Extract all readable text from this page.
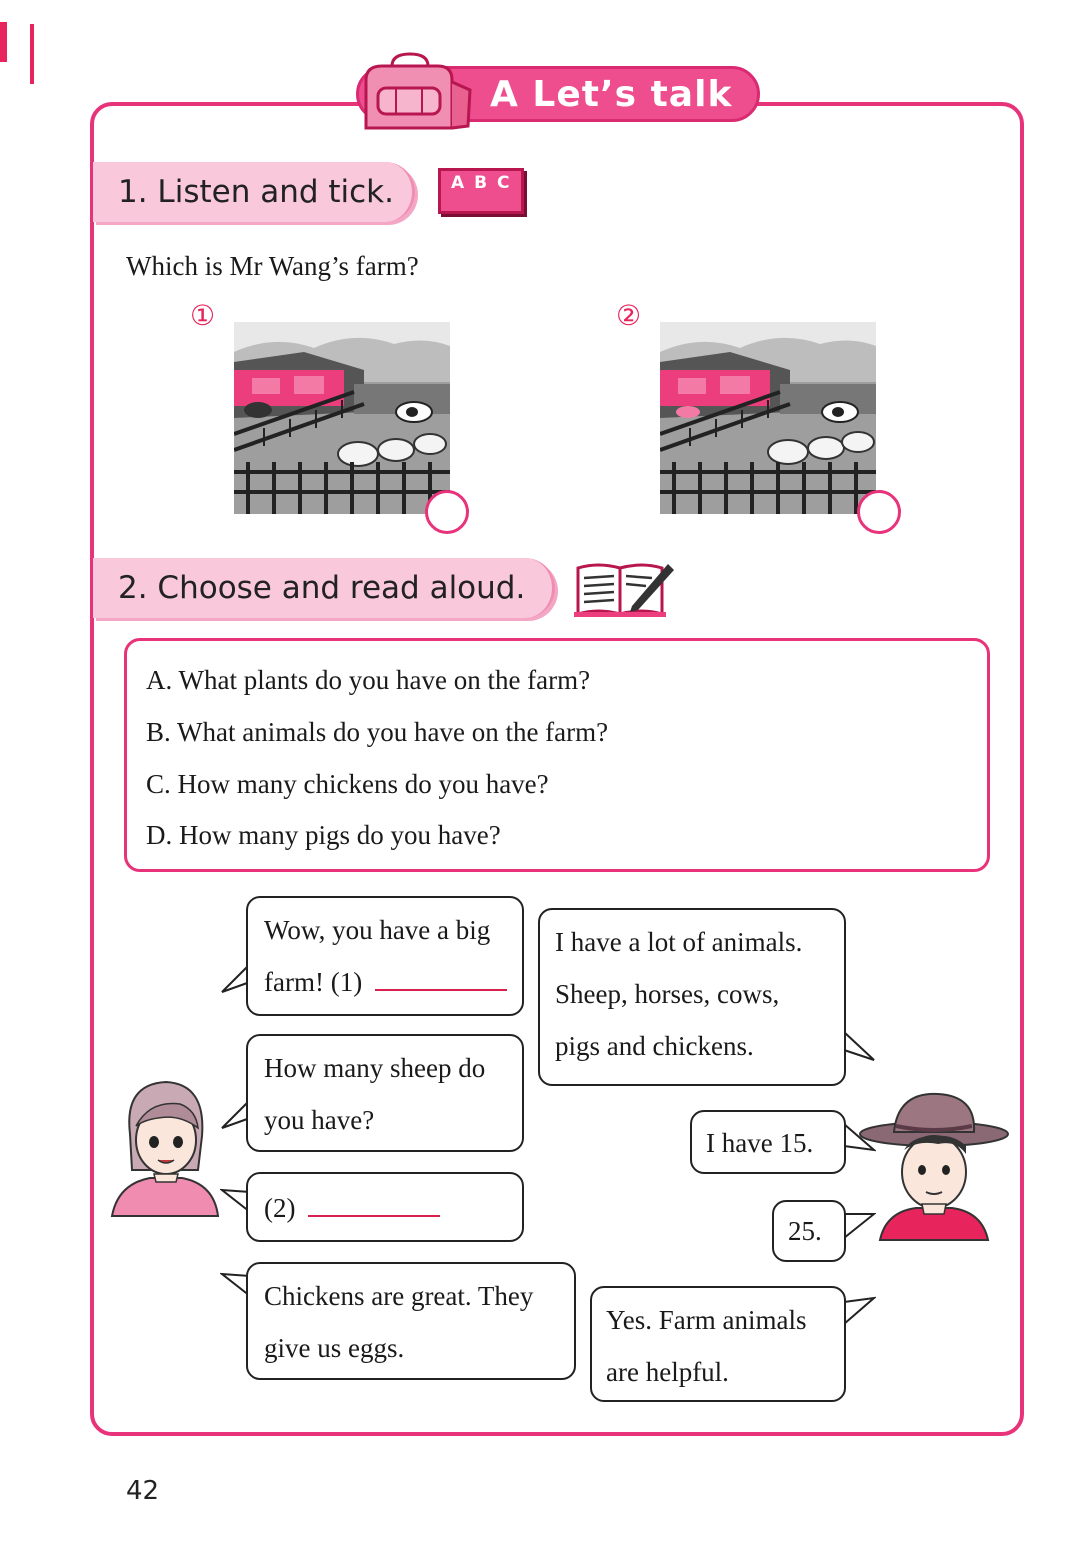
A Let’s talk
1. Listen and tick.	A B C
Which is Mr Wang’s farm?
①	②
2. Choose and read aloud.
A. What plants do you have on the farm?
B. What animals do you have on the farm?
C. How many chickens do you have?
D. How many pigs do you have?
Wow, you have a big
farm! (1)
How many sheep do
you have?
(2)
Chickens are great. They
give us eggs.
I have a lot of animals.
Sheep, horses, cows,
pigs and chickens.
I have 15.
25.
Yes. Farm animals
are helpful.
42
